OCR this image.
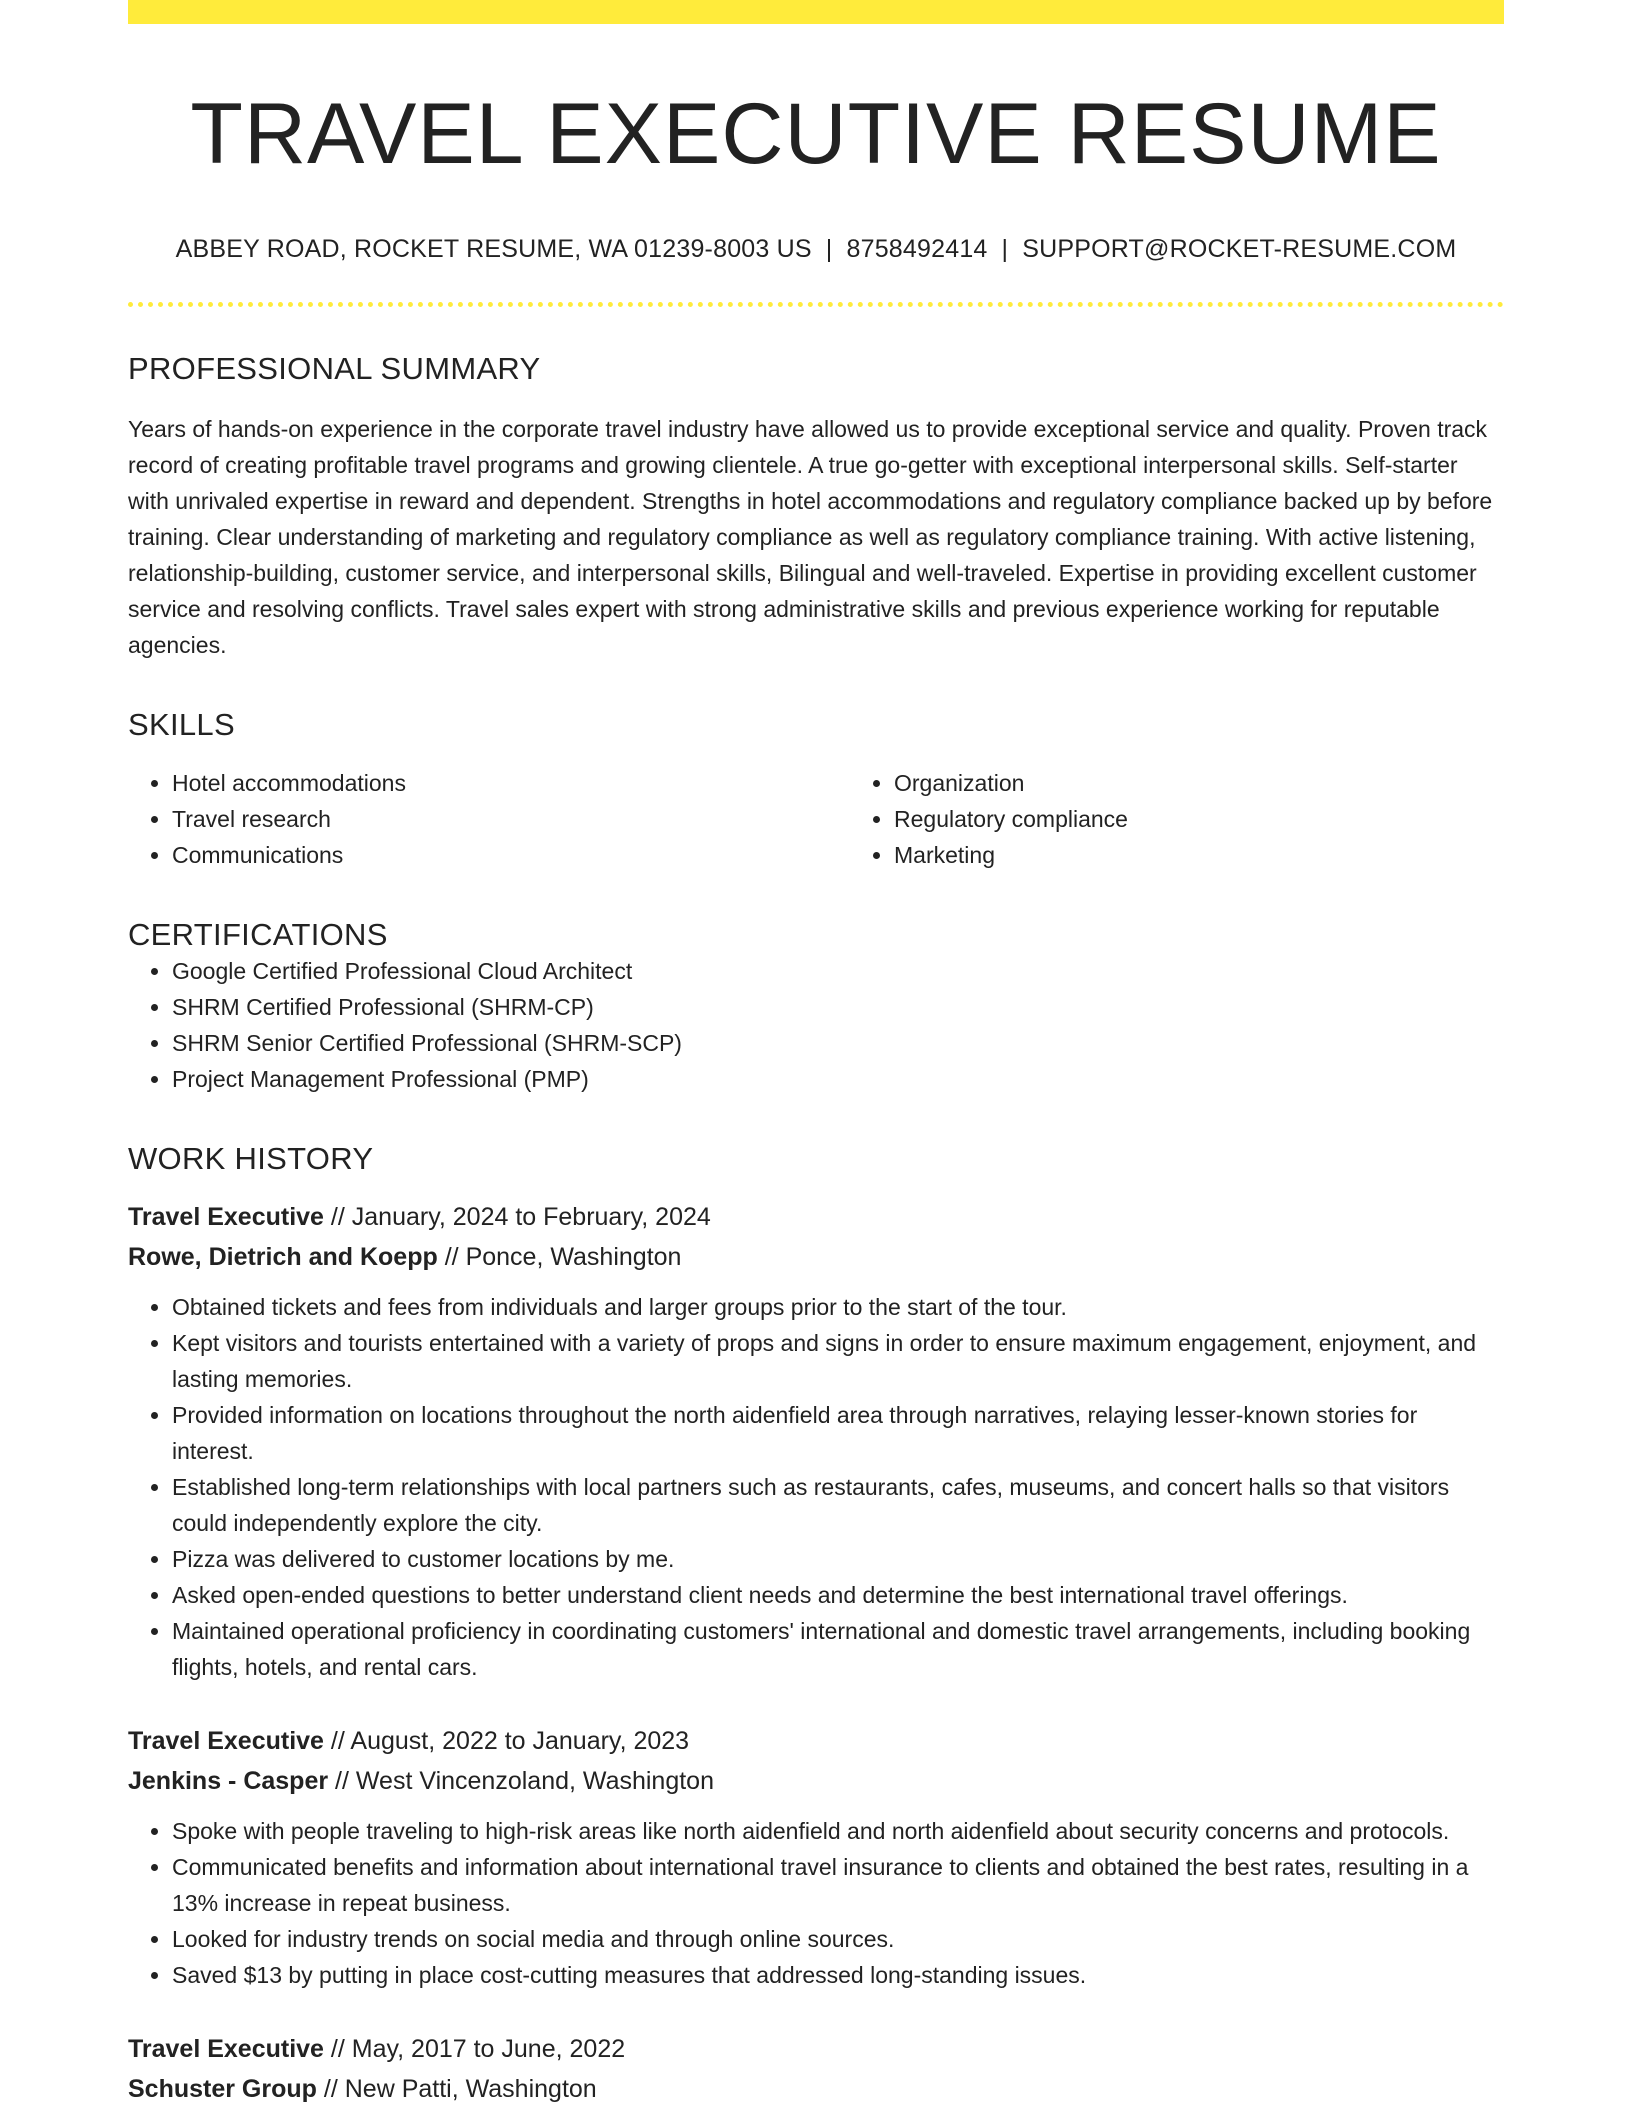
TRAVEL EXECUTIVE RESUME
ABBEY ROAD, ROCKET RESUME, WA 01239-8003 US | 8758492414 | SUPPORT@ROCKET-RESUME.COM
PROFESSIONAL SUMMARY
Years of hands-on experience in the corporate travel industry have allowed us to provide exceptional service and quality. Proven track record of creating profitable travel programs and growing clientele. A true go-getter with exceptional interpersonal skills. Self-starter with unrivaled expertise in reward and dependent. Strengths in hotel accommodations and regulatory compliance backed up by before training. Clear understanding of marketing and regulatory compliance as well as regulatory compliance training. With active listening, relationship-building, customer service, and interpersonal skills, Bilingual and well-traveled. Expertise in providing excellent customer service and resolving conflicts. Travel sales expert with strong administrative skills and previous experience working for reputable agencies.
SKILLS
• Hotel accommodations
• Travel research
• Communications
• Organization
• Regulatory compliance
• Marketing
CERTIFICATIONS
• Google Certified Professional Cloud Architect
• SHRM Certified Professional (SHRM-CP)
• SHRM Senior Certified Professional (SHRM-SCP)
• Project Management Professional (PMP)
WORK HISTORY
Travel Executive // January, 2024 to February, 2024
Rowe, Dietrich and Koepp // Ponce, Washington
• Obtained tickets and fees from individuals and larger groups prior to the start of the tour.
• Kept visitors and tourists entertained with a variety of props and signs in order to ensure maximum engagement, enjoyment, and lasting memories.
• Provided information on locations throughout the north aidenfield area through narratives, relaying lesser-known stories for interest.
• Established long-term relationships with local partners such as restaurants, cafes, museums, and concert halls so that visitors could independently explore the city.
• Pizza was delivered to customer locations by me.
• Asked open-ended questions to better understand client needs and determine the best international travel offerings.
• Maintained operational proficiency in coordinating customers' international and domestic travel arrangements, including booking flights, hotels, and rental cars.
Travel Executive // August, 2022 to January, 2023
Jenkins - Casper // West Vincenzoland, Washington
• Spoke with people traveling to high-risk areas like north aidenfield and north aidenfield about security concerns and protocols.
• Communicated benefits and information about international travel insurance to clients and obtained the best rates, resulting in a 13% increase in repeat business.
• Looked for industry trends on social media and through online sources.
• Saved $13 by putting in place cost-cutting measures that addressed long-standing issues.
Travel Executive // May, 2017 to June, 2022
Schuster Group // New Patti, Washington
